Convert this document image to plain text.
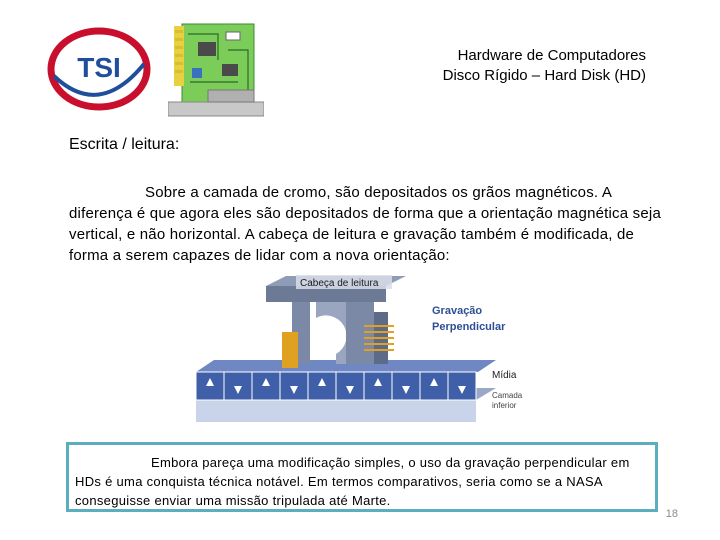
TSI	Hardware de Computadores
Disco Rígido – Hard Disk (HD)
Escrita / leitura:
Sobre a camada de cromo, são depositados os grãos magnéticos. A diferença é que agora eles são depositados de forma que a orientação magnética seja vertical, e não horizontal. A cabeça de leitura e gravação também é modificada, de forma a serem capazes de lidar com a nova orientação:
Cabeça de leitura
Gravação
Perpendicular
Mídia
Camada
inferior
Embora pareça uma modificação simples, o uso da gravação perpendicular em HDs é uma conquista técnica notável. Em termos comparativos, seria como se a NASA conseguisse enviar uma missão tripulada até Marte.
18
